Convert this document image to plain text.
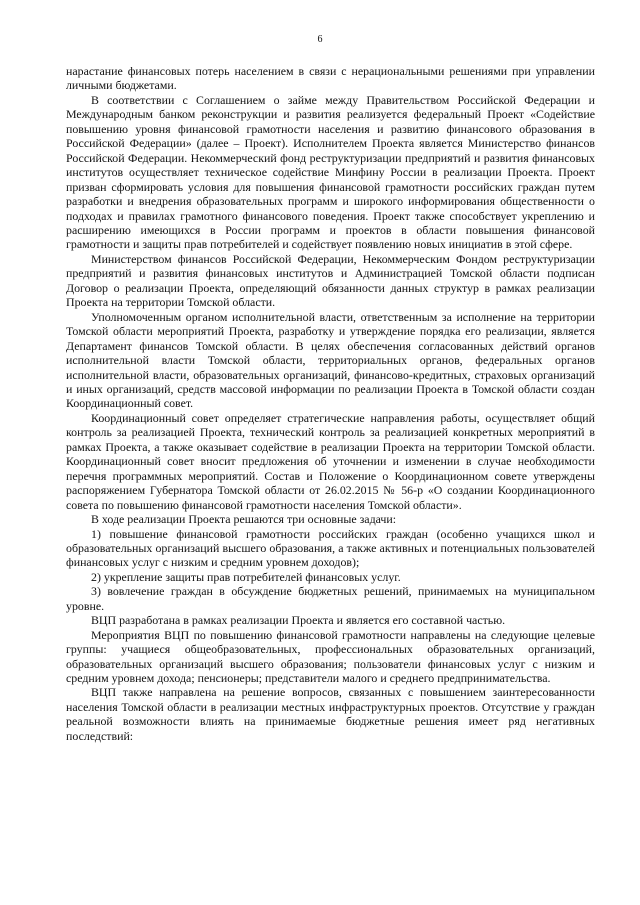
6

нарастание финансовых потерь населением в связи с нерациональными решениями при управлении личными бюджетами.

В соответствии с Соглашением о займе между Правительством Российской Федерации и Международным банком реконструкции и развития реализуется федеральный Проект «Содействие повышению уровня финансовой грамотности населения и развитию финансового образования в Российской Федерации» (далее – Проект). Исполнителем Проекта является Министерство финансов Российской Федерации. Некоммерческий фонд реструктуризации предприятий и развития финансовых институтов осуществляет техническое содействие Минфину России в реализации Проекта. Проект призван сформировать условия для повышения финансовой грамотности российских граждан путем разработки и внедрения образовательных программ и широкого информирования общественности о подходах и правилах грамотного финансового поведения. Проект также способствует укреплению и расширению имеющихся в России программ и проектов в области повышения финансовой грамотности и защиты прав потребителей и содействует появлению новых инициатив в этой сфере.

Министерством финансов Российской Федерации, Некоммерческим Фондом реструктуризации предприятий и развития финансовых институтов и Администрацией Томской области подписан Договор о реализации Проекта, определяющий обязанности данных структур в рамках реализации Проекта на территории Томской области.

Уполномоченным органом исполнительной власти, ответственным за исполнение на территории Томской области мероприятий Проекта, разработку и утверждение порядка его реализации, является Департамент финансов Томской области. В целях обеспечения согласованных действий органов исполнительной власти Томской области, территориальных органов, федеральных органов исполнительной власти, образовательных организаций, финансово-кредитных, страховых организаций и иных организаций, средств массовой информации по реализации Проекта в Томской области создан Координационный совет.

Координационный совет определяет стратегические направления работы, осуществляет общий контроль за реализацией Проекта, технический контроль за реализацией конкретных мероприятий в рамках Проекта, а также оказывает содействие в реализации Проекта на территории Томской области. Координационный совет вносит предложения об уточнении и изменении в случае необходимости перечня программных мероприятий. Состав и Положение о Координационном совете утверждены распоряжением Губернатора Томской области от 26.02.2015 № 56-р «О создании Координационного совета по повышению финансовой грамотности населения Томской области».

В ходе реализации Проекта решаются три основные задачи:

1) повышение финансовой грамотности российских граждан (особенно учащихся школ и образовательных организаций высшего образования, а также активных и потенциальных пользователей финансовых услуг с низким и средним уровнем доходов);

2) укрепление защиты прав потребителей финансовых услуг.

3) вовлечение граждан в обсуждение бюджетных решений, принимаемых на муниципальном уровне.

ВЦП разработана в рамках реализации Проекта и является его составной частью.

Мероприятия ВЦП по повышению финансовой грамотности направлены на следующие целевые группы: учащиеся общеобразовательных, профессиональных образовательных организаций, образовательных организаций высшего образования; пользователи финансовых услуг с низким и средним уровнем дохода; пенсионеры; представители малого и среднего предпринимательства.

ВЦП также направлена на решение вопросов, связанных с повышением заинтересованности населения Томской области в реализации местных инфраструктурных проектов. Отсутствие у граждан реальной возможности влиять на принимаемые бюджетные решения имеет ряд негативных последствий:
